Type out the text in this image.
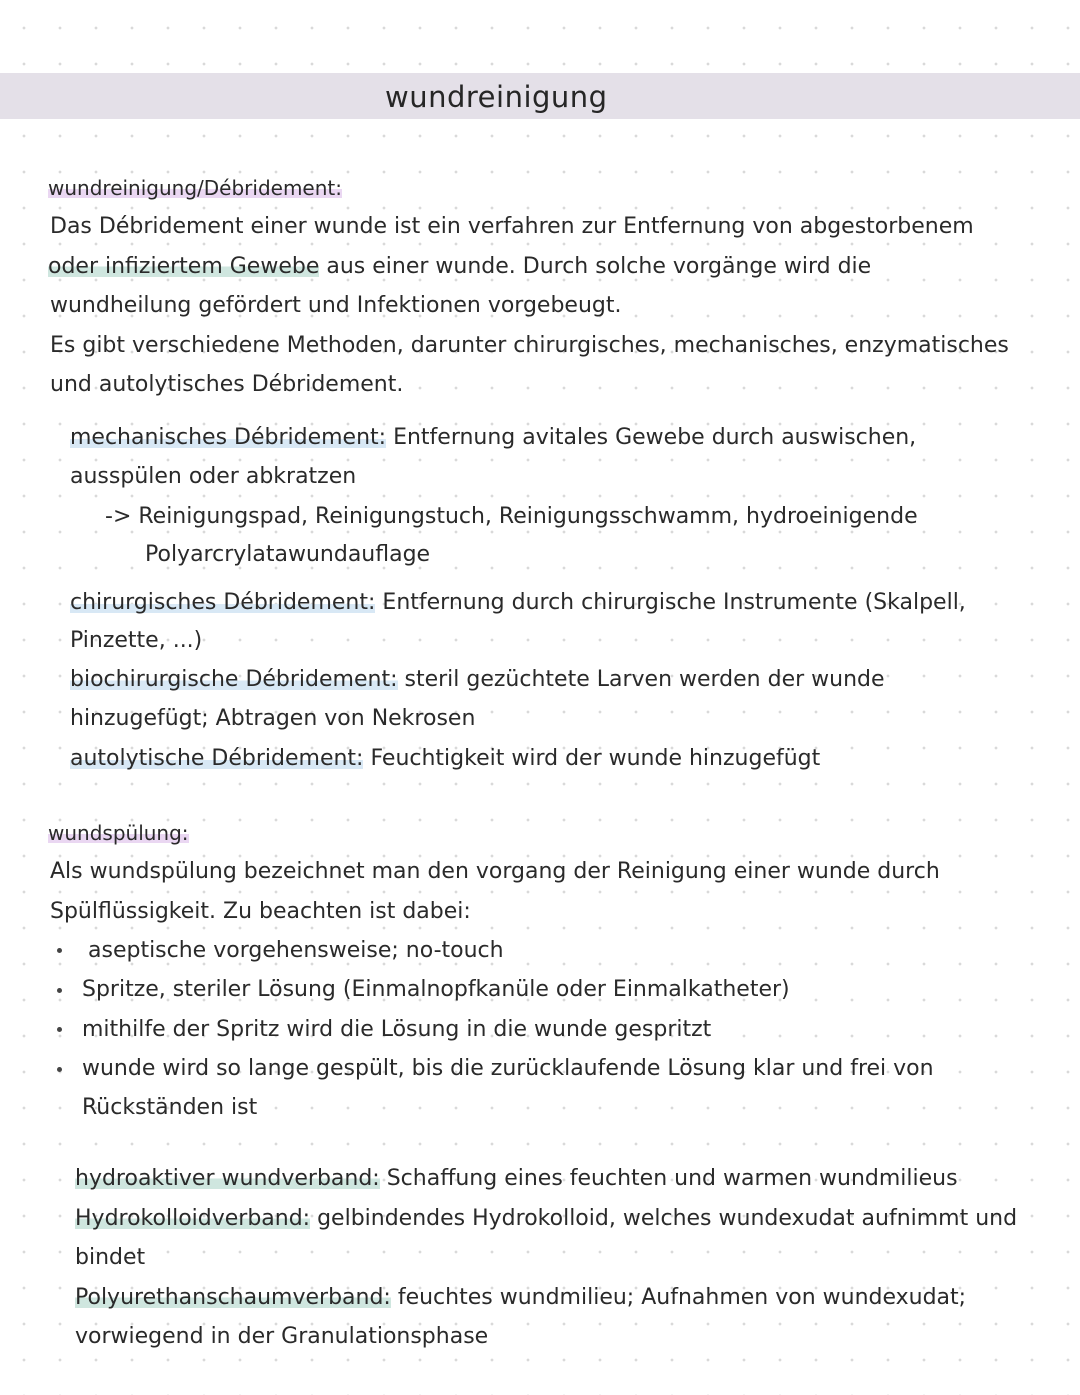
wundreinigung
wundreinigung/Débridement:
Das Débridement einer wunde ist ein verfahren zur Entfernung von abgestorbenem
oder infiziertem Gewebe aus einer wunde. Durch solche vorgänge wird die
wundheilung gefördert und Infektionen vorgebeugt.
Es gibt verschiedene Methoden, darunter chirurgisches, mechanisches, enzymatisches
und autolytisches Débridement.
mechanisches Débridement: Entfernung avitales Gewebe durch auswischen,
ausspülen oder abkratzen
-> Reinigungspad, Reinigungstuch, Reinigungsschwamm, hydroeinigende
Polyarcrylatawundauflage
chirurgisches Débridement: Entfernung durch chirurgische Instrumente (Skalpell,
Pinzette, ...)
biochirurgische Débridement: steril gezüchtete Larven werden der wunde
hinzugefügt; Abtragen von Nekrosen
autolytische Débridement: Feuchtigkeit wird der wunde hinzugefügt
wundspülung:
Als wundspülung bezeichnet man den vorgang der Reinigung einer wunde durch
Spülflüssigkeit. Zu beachten ist dabei:
aseptische vorgehensweise; no-touch
Spritze, steriler Lösung (Einmalnopfkanüle oder Einmalkatheter)
mithilfe der Spritz wird die Lösung in die wunde gespritzt
wunde wird so lange gespült, bis die zurücklaufende Lösung klar und frei von
Rückständen ist
hydroaktiver wundverband: Schaffung eines feuchten und warmen wundmilieus
Hydrokolloidverband: gelbindendes Hydrokolloid, welches wundexudat aufnimmt und
bindet
Polyurethanschaumverband: feuchtes wundmilieu; Aufnahmen von wundexudat;
vorwiegend in der Granulationsphase
